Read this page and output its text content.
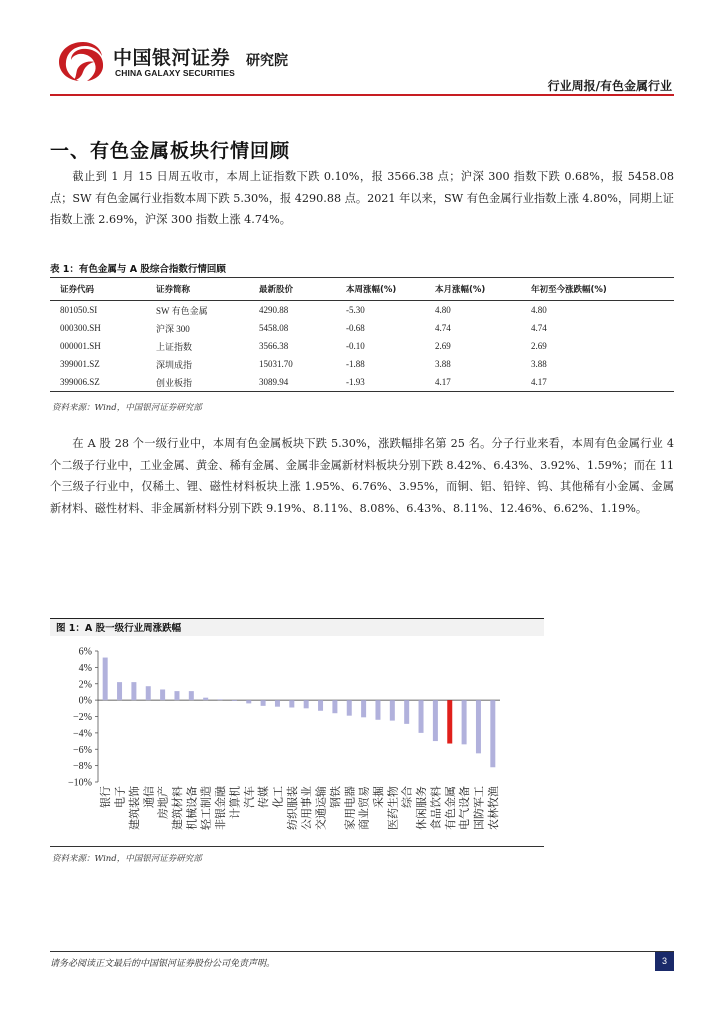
中国银河证券
CHINA GALAXY SECURITIES
研究院
行业周报/有色金属行业
一、有色金属板块行情回顾

截止到 1 月 15 日周五收市，本周上证指数下跌 0.10%，报 3566.38 点；沪深 300 指数下跌 0.68%，报 5458.08 点；SW 有色金属行业指数本周下跌 5.30%，报 4290.88 点。2021 年以来，SW 有色金属行业指数上涨 4.80%，同期上证指数上涨 2.69%，沪深 300 指数上涨 4.74%。

表 1：有色金属与 A 股综合指数行情回顾
证券代码	证券简称	最新股价	本周涨幅(%)	本月涨幅(%)	年初至今涨跌幅(%)
801050.SI	SW 有色金属	4290.88	-5.30	4.80	4.80
000300.SH	沪深 300	5458.08	-0.68	4.74	4.74
000001.SH	上证指数	3566.38	-0.10	2.69	2.69
399001.SZ	深圳成指	15031.70	-1.88	3.88	3.88
399006.SZ	创业板指	3089.94	-1.93	4.17	4.17
资料来源：Wind，中国银河证券研究部

在 A 股 28 个一级行业中，本周有色金属板块下跌 5.30%，涨跌幅排名第 25 名。分子行业来看，本周有色金属行业 4 个二级子行业中，工业金属、黄金、稀有金属、金属非金属新材料板块分别下跌 8.42%、6.43%、3.92%、1.59%；而在 11 个三级子行业中，仅稀土、锂、磁性材料板块上涨 1.95%、6.76%、3.95%，而铜、铝、铅锌、钨、其他稀有小金属、金属新材料、磁性材料、非金属新材料分别下跌 9.19%、8.11%、8.08%、6.43%、8.11%、12.46%、6.62%、1.19%。

图 1：A 股一级行业周涨跌幅
6%
4%
2%
0%
−2%
−4%
−6%
−8%
−10%
银行 电子 建筑装饰 通信 房地产 建筑材料 机械设备 轻工制造 非银金融 计算机 汽车 传媒 化工 纺织服装 公用事业 交通运输 钢铁 家用电器 商业贸易 采掘 医药生物 综合 休闲服务 食品饮料 有色金属 电气设备 国防军工 农林牧渔
资料来源：Wind，中国银河证券研究部
请务必阅读正文最后的中国银河证券股份公司免责声明。	3
